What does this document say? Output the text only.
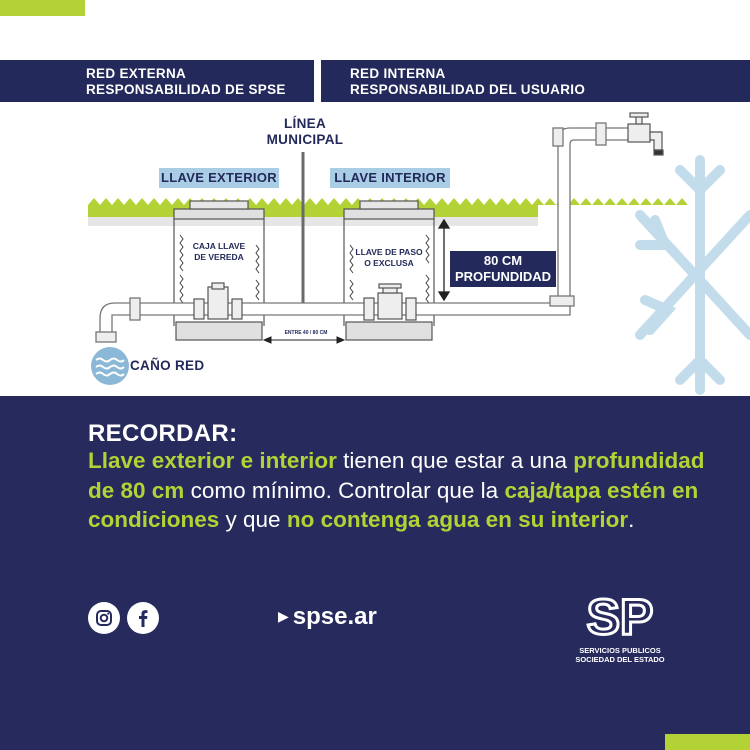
RED EXTERNA
RESPONSABILIDAD DE SPSE
RED INTERNA
RESPONSABILIDAD DEL USUARIO
LÍNEA
MUNICIPAL
LLAVE EXTERIOR	LLAVE INTERIOR
CAJA LLAVE
DE VEREDA	LLAVE DE PASO
O EXCLUSA	80 CM
PROFUNDIDAD
ENTRE 40 / 80 CM
CAÑO RED
RECORDAR:
Llave exterior e interior tienen que estar a una profundidad de 80 cm como mínimo. Controlar que la caja/tapa estén en condiciones y que no contenga agua en su interior.
▶ spse.ar	SP
SERVICIOS PUBLICOS
SOCIEDAD DEL ESTADO
